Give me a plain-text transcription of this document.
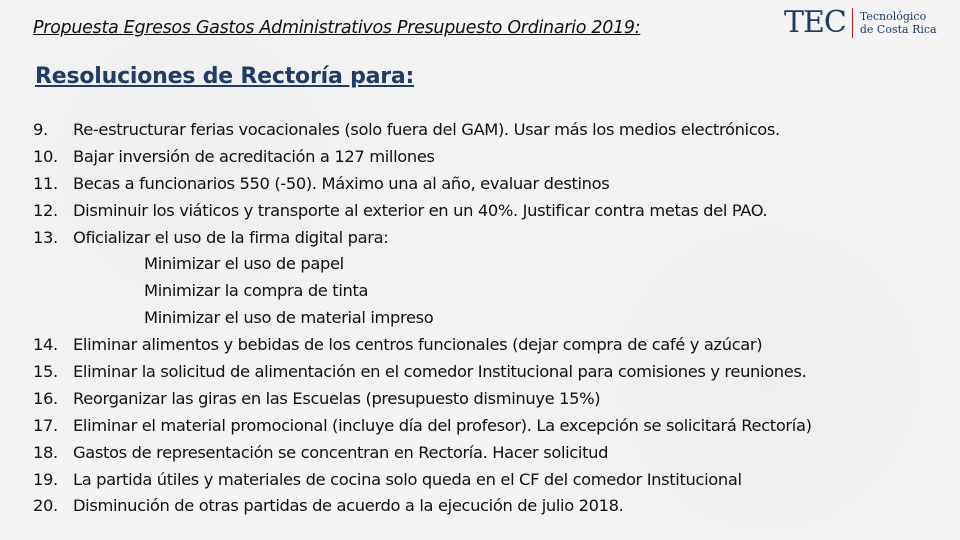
Propuesta Egresos Gastos Administrativos Presupuesto Ordinario 2019:	TEC Tecnológico
de Costa Rica
Resoluciones de Rectoría para:
9. Re-estructurar ferias vocacionales (solo fuera del GAM). Usar más los medios electrónicos.
10. Bajar inversión de acreditación a 127 millones
11. Becas a funcionarios 550 (-50). Máximo una al año, evaluar destinos
12. Disminuir los viáticos y transporte al exterior en un 40%. Justificar contra metas del PAO.
13. Oficializar el uso de la firma digital para:
Minimizar el uso de papel
Minimizar la compra de tinta
Minimizar el uso de material impreso
14. Eliminar alimentos y bebidas de los centros funcionales (dejar compra de café y azúcar)
15. Eliminar la solicitud de alimentación en el comedor Institucional para comisiones y reuniones.
16. Reorganizar las giras en las Escuelas (presupuesto disminuye 15%)
17. Eliminar el material promocional (incluye día del profesor). La excepción se solicitará Rectoría)
18. Gastos de representación se concentran en Rectoría. Hacer solicitud
19. La partida útiles y materiales de cocina solo queda en el CF del comedor Institucional
20. Disminución de otras partidas de acuerdo a la ejecución de julio 2018.
